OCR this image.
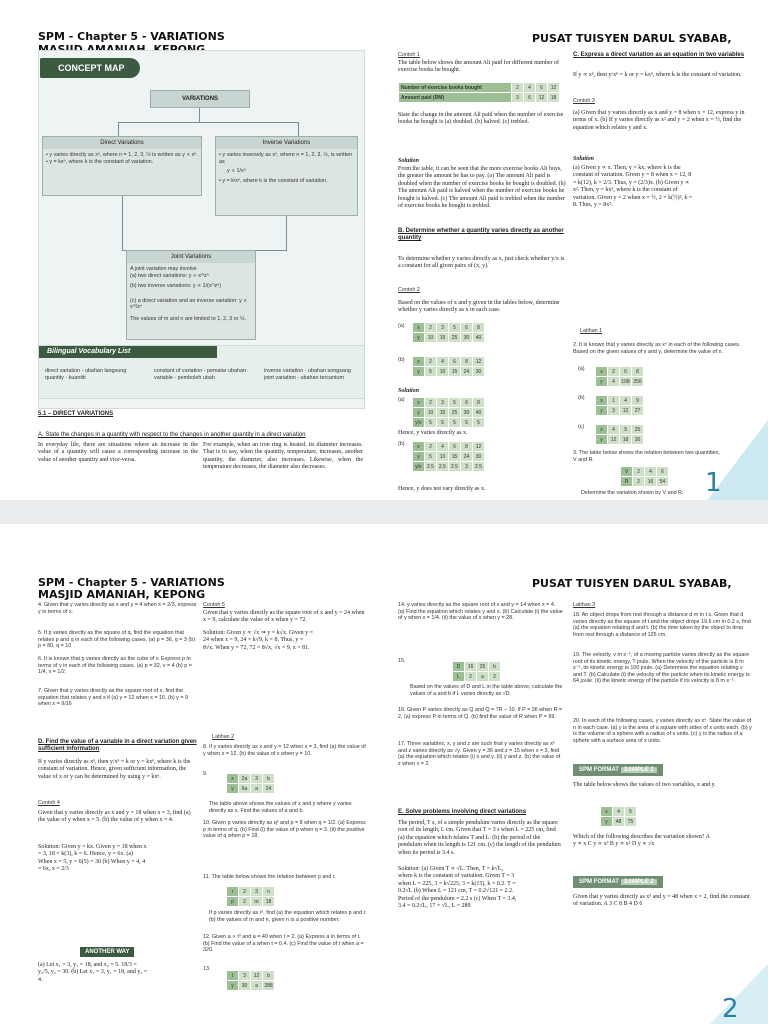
SPM - Chapter 5 - VARIATIONS	PUSAT TUISYEN DARUL SYABAB,
CONCEPT MAP
VARIATIONS
Direct Variations
• y varies directly as xⁿ, where n = 1, 2, 3, ½ is written as y ∝ xⁿ.
• y = kxⁿ, where k is the constant of variation.
Inverse Variations
• y varies inversely as xⁿ, where n = 1, 2, 3, ½, is written as
y ∝ 1/xⁿ
• y = k/xⁿ, where k is the constant of variation.
Joint Variations
A joint variation may involve
(a) two direct variations: y ∝ xᵐzⁿ
(b) two inverse variations: y ∝ 1/(xᵐzⁿ)
(c) a direct variation and an inverse variation: y ∝ xᵐ/zⁿ
The values of m and n are limited to 1, 2, 3 or ½.
Bilingual Vocabulary List
direct variation - ubahan langsung
quantity - kuantiti
constant of variation - pemalar ubahan
variable - pemboleh ubah
inverse variation - ubahan songsang
joint variation - ubahan tercantum
5.1 – DIRECT VARIATIONS
A. State the changes in a quantity with respect to the changes in another quantity in a direct variation
In everyday life, there are situations where an increase in the value of a quantity will cause a corresponding increase in the value of another quantity and vice-versa.
For example, when an iron ring is heated, its diameter increases. That is to say, when the quantity, temperature, increases, another quantity, the diameter, also increases. Likewise, when the temperature decreases, the diameter also decreases.
Contoh 1
The table below shows the amount Ali paid for different number of exercise books he bought.
Number of exercise books bought	2	4	6	12
Amount paid (RM)	3	6	12	18
State the change in the amount Ali paid when the number of exercise books he bought is (a) doubled. (b) halved. (c) trebled.
Solution
From the table, it can be seen that the more exercise books Ali buys, the greater the amount he has to pay. (a) The amount Ali paid is doubled when the number of exercise books he bought is doubled. (b) The amount Ali paid is halved when the number of exercise books he bought is halved. (c) The amount Ali paid is trebled when the number of exercise books he bought is trebled.
B. Determine whether a quantity varies directly as another quantity
To determine whether y varies directly as x, just check whether y/x is a constant for all given pairs of (x, y).
Contoh 2
Based on the values of x and y given in the tables below, determine whether y varies directly as x in each case.
(a)	x	2	3	5	6	8
y	10	15	25	30	40
(b)	x	2	4	6	8	12
y	5	10	15	24	30
Solution
(a)	x	2	3	5	6	8
y	10	15	25	30	40
y/x	5	5	5	5	5
Hence, y varies directly as x.
(b)	x	2	4	6	8	12
y	5	10	15	24	30
y/x	2.5	2.5	2.5	3	2.5
Hence, y does not vary directly as x.
C. Express a direct variation as an equation in two variables
If y ∝ xⁿ, then y/xⁿ = k or y = kxⁿ, where k is the constant of variation.
Contoh 3
(a) Given that y varies directly as x and y = 8 when x = 12, express y in terms of x. (b) If y varies directly as x² and y = 2 when x = ½, find the equation which relates y and x.
Solution
(a) Given y ∝ x. Then, y = kx, where k is the constant of variation. Given y = 8 when x = 12, 8 = k(12), k = 2/3. Thus, y = (2/3)x. (b) Given y ∝ x². Then, y = kx², where k is the constant of variation. Given y = 2 when x = ½, 2 = k(½)², k = 8. Thus, y = 8x².
Latihan 1
2. It is known that y varies directly as xⁿ in each of the following cases. Based on the given values of x and y, determine the value of n.
(a)	x	2	6	8
y	4	108	256
(b)	x	1	4	9
y	3	12	27
(c)	x	4	9	25
y	12	18	30
3. The table below shows the relation between two quantities, V and R.
V	2	4	6
R	2	16	54
Determine the variation shown by V and R. 1
SPM - Chapter 5 - VARIATIONS
MASJID AMANIAH, KEPONG
PUSAT TUISYEN DARUL SYABAB,
4. Given that y varies directly as x and y = 4 when x = 2/3, express y in terms of x.
5. If p varies directly as the square of q, find the equation that relates p and q in each of the following cases. (a) p = 36, q = 3 (b) p = 80, q = 10
6. It is known that p varies directly as the cube of v. Express p in terms of v in each of the following cases. (a) p = 32, v = 4 (b) p = 1/4, v = 1/2
7. Given that y varies directly as the square root of x, find the equation that relates y and x if (a) y = 12 when x = 16. (b) y = 9 when x = 9/16
D. Find the value of a variable in a direct variation given sufficient information
If y varies directly as xⁿ, then y/xⁿ = k or y = kxⁿ, where k is the constant of variation. Hence, given sufficient information, the value of x or y can be determined by using y = kxⁿ.
Contoh 4
Given that y varies directly as x and y = 18 when x = 3, find (a) the value of y when x = 5. (b) the value of y when x = 4.
Solution: Given y = kx. Given y = 18 when x = 3, 18 = k(3), k = 6. Hence, y = 6x. (a) When x = 5, y = 6(5) = 30 (b) When y = 4, 4 = 6x, x = 2/3
ANOTHER WAY
(a) Let x₁ = 3, y₁ = 18, and x₂ = 5. 18/3 = y₂/5, y₂ = 30. (b) Let x₁ = 3, y₁ = 18, and y₂ = 4.
Contoh 5
Given that y varies directly as the square root of x and y = 24 when x = 9, calculate the value of x when y = 72.
Solution: Given y ∝ √x ⇒ y = k√x. Given y = 24 when x = 9, 24 = k√9, k = 8. Thus, y = 8√x. When y = 72, 72 = 8√x, √x = 9, x = 81.
Latihan 2
8. If y varies directly as x and y = 12 when x = 3, find (a) the value of y when x = 12. (b) the value of x when y = 10.
9.
x	2a	3	b
y	6a	a	24
The table above shows the values of x and y where y varies directly as x. Find the values of a and b.
10. Given p varies directly as q² and p = 8 when q = 1/2. (a) Express p in terms of q. (b) Find (i) the value of p when q = 3. (ii) the positive value of q when p = 18.
11. The table below shows the relation between p and r.
r	2	3	n
p	2	m	18
If p varies directly as r², find (a) the equation which relates p and r. (b) the values of m and n, given n is a positive number.
12. Given a ∝ t³ and a = 40 when t = 2. (a) Express a in terms of t. (b) Find the value of a when t = 0.4. (c) Find the value of t when a = 320.
13.
t	3	12	b
y	30	a	288
14. y varies directly as the square root of x and y = 14 when x = 4. (a) Find the equation which relates y and x. (b) Calculate (i) the value of y when x = 1/4. (ii) the value of x when y = 28.
15.
D	16	25	b
L	2	a	2
Based on the values of D and L in the table above, calculate the values of a and b if L varies directly as √D.
16. Given P varies directly as Q and Q = 7R – 10. If P = 36 when R = 2, (a) express P in terms of Q. (b) find the value of R when P = 99.
17. Three variables, x, y and z are such that y varies directly as x² and z varies directly as √y. Given y = 36 and z = 15 when x = 3, find (a) the equation which relates (i) x and y. (ii) y and z. (b) the value of z when x = 2.
E. Solve problems involving direct variations
The period, T s, of a simple pendulum varies directly as the square root of its length, L cm. Given that T = 3 s when L = 225 cm, find (a) the equation which relates T and L. (b) the period of the pendulum when its length is 121 cm. (c) the length of the pendulum when its period is 3.4 s.
Solution: (a) Given T ∝ √L. Then, T = k√L, where k is the constant of variation. Given T = 3 when L = 225, 3 = k√225, 3 = k(15), k = 0.2. T = 0.2√L (b) When L = 121 cm, T = 0.2√121 = 2.2. Period of the pendulum = 2.2 s (c) When T = 3.4, 3.4 = 0.2√L, 17 = √L, L = 289
Latihan 3
18. An object drops from rest through a distance d m in t s. Given that d varies directly as the square of t and the object drops 19.6 cm in 0.2 s, find (a) the equation relating d and t. (b) the time taken by the object to drop from rest through a distance of 125 cm.
19. The velocity, v m s⁻¹, of a moving particle varies directly as the square root of its kinetic energy, T joule. When the velocity of the particle is 8 m s⁻¹, its kinetic energy is 100 joule. (a) Determine the equation relating v and T. (b) Calculate (i) the velocity of the particle when its kinetic energy is 64 joule. (ii) the kinetic energy of the particle if its velocity is 8 m s⁻¹.
20. In each of the following cases, y varies directly as xⁿ. State the value of n in each case. (a) y is the area of a square with sides of x units each. (b) y is the volume of a sphere with a radius of x units. (c) y is the radius of a sphere with a surface area of x units.
SPM FORMAT SAMPLE 1
The table below shows the values of two variables, x and y.
x	4	5
y	48	75
Which of the following describes the variation shown? A y ∝ x C y ∝ x³ B y ∝ x² D y ∝ √x
SPM FORMAT SAMPLE 2
Given that y varies directly as x³ and y = 48 when x = 2, find the constant of variation. A 3 C 8 B 4 D 6
2
